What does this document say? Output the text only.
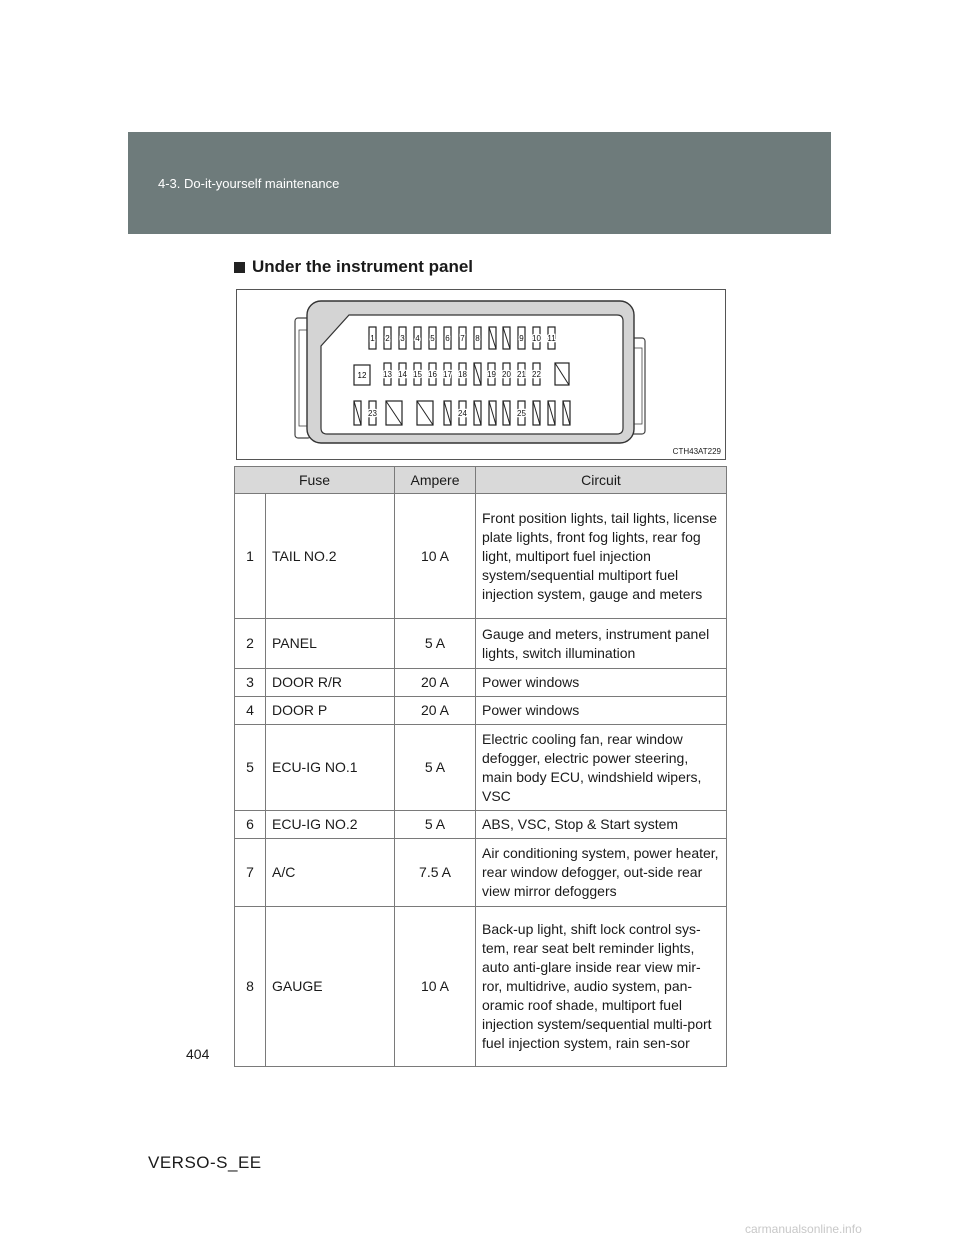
4-3. Do-it-yourself maintenance
Under the instrument panel
1 2 3 4 5 6 7 8	9 10 11
12 13 14 15 16 17 18	19 20 21 22
23	24	25
CTH43AT229
Fuse		Ampere	Circuit
1	TAIL NO.2	10 A	Front position lights, tail lights, license plate lights, front fog lights, rear fog light, multiport fuel injection system/sequential multiport fuel injection system, gauge and meters
2	PANEL	5 A	Gauge and meters, instrument panel lights, switch illumination
3	DOOR R/R	20 A	Power windows
4	DOOR P	20 A	Power windows
5	ECU-IG NO.1	5 A	Electric cooling fan, rear window defogger, electric power steering, main body ECU, windshield wipers, VSC
6	ECU-IG NO.2	5 A	ABS, VSC, Stop & Start system
7	A/C	7.5 A	Air conditioning system, power heater, rear window defogger, out-side rear view mirror defoggers
8	GAUGE	10 A	Back-up light, shift lock control sys-tem, rear seat belt reminder lights, auto anti-glare inside rear view mir-ror, multidrive, audio system, pan-oramic roof shade, multiport fuel injection system/sequential multi-port fuel injection system, rain sen-sor
404
VERSO-S_EE
carmanualsonline.info
